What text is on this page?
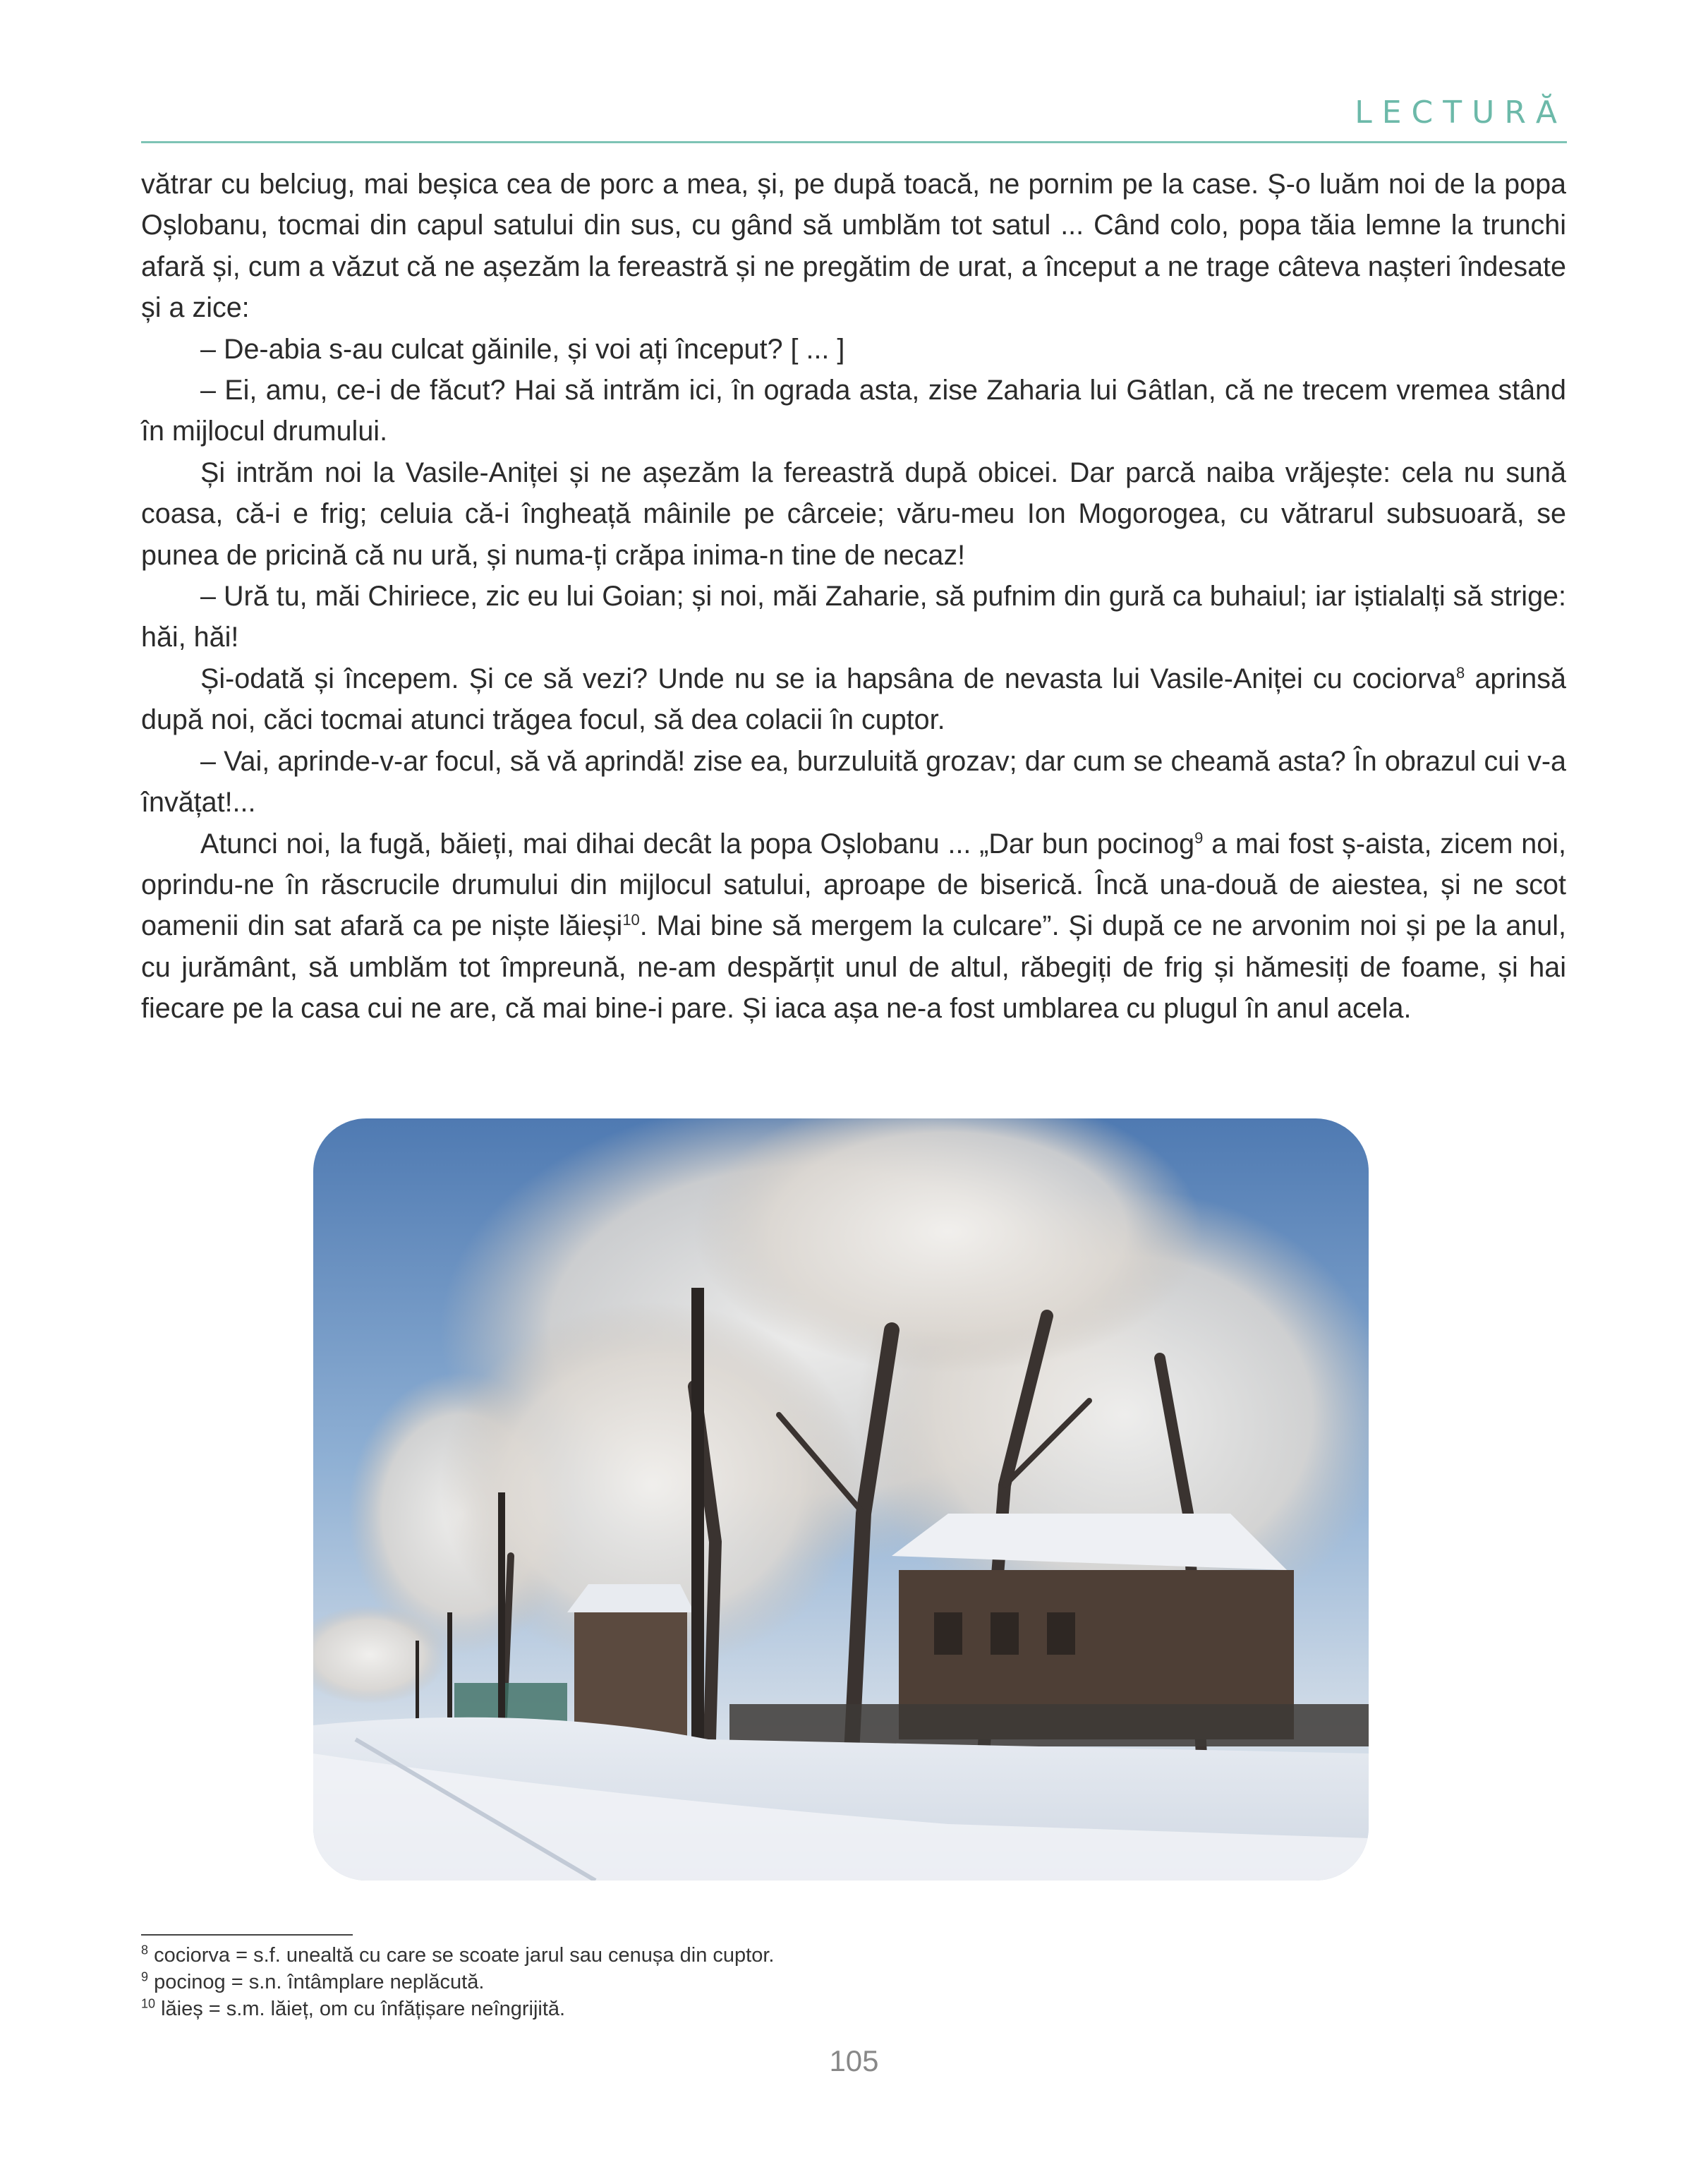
LECTURĂ

vătrar cu belciug, mai beșica cea de porc a mea, și, pe după toacă, ne pornim pe la case. Ș-o luăm noi de la popa Oșlobanu, tocmai din capul satului din sus, cu gând să umblăm tot satul ... Când colo, popa tăia lemne la trunchi afară și, cum a văzut că ne așezăm la fereastră și ne pregătim de urat, a început a ne trage câteva nașteri îndesate și a zice:

– De-abia s-au culcat găinile, și voi ați început? [ ... ]

– Ei, amu, ce-i de făcut? Hai să intrăm ici, în ograda asta, zise Zaharia lui Gâtlan, că ne trecem vremea stând în mijlocul drumului.

Și intrăm noi la Vasile-Aniței și ne așezăm la fereastră după obicei. Dar parcă naiba vrăjește: cela nu sună coasa, că-i e frig; celuia că-i îngheață mâinile pe cârceie; văru-meu Ion Mogorogea, cu vătrarul subsuoară, se punea de pricină că nu ură, și numa-ți crăpa inima-n tine de necaz!

– Ură tu, măi Chiriece, zic eu lui Goian; și noi, măi Zaharie, să pufnim din gură ca buhaiul; iar iștialalți să strige: hăi, hăi!

Și-odată și începem. Și ce să vezi? Unde nu se ia hapsâna de nevasta lui Vasile-Aniței cu cociorva$^8$ aprinsă după noi, căci tocmai atunci trăgea focul, să dea colacii în cuptor.

– Vai, aprinde-v-ar focul, să vă aprindă! zise ea, burzuluită grozav; dar cum se cheamă asta? În obrazul cui v-a învățat!...

Atunci noi, la fugă, băieți, mai dihai decât la popa Oșlobanu ... „Dar bun pocinog$^9$ a mai fost ș-aista, zicem noi, oprindu-ne în răscrucile drumului din mijlocul satului, aproape de biserică. Încă una-două de aiestea, și ne scot oamenii din sat afară ca pe niște lăieși$^{10}$. Mai bine să mergem la culcare”. Și după ce ne arvonim noi și pe la anul, cu jurământ, să umblăm tot împreună, ne-am despărțit unul de altul, răbegiți de frig și hămesiți de foame, și hai fiecare pe la casa cui ne are, că mai bine-i pare. Și iaca așa ne-a fost umblarea cu plugul în anul acela.

$^8$ cociorva = s.f. unealtă cu care se scoate jarul sau cenușa din cuptor.
$^9$ pocinog = s.n. întâmplare neplăcută.
$^{10}$ lăieș = s.m. lăieț, om cu înfățișare neîngrijită.
105
